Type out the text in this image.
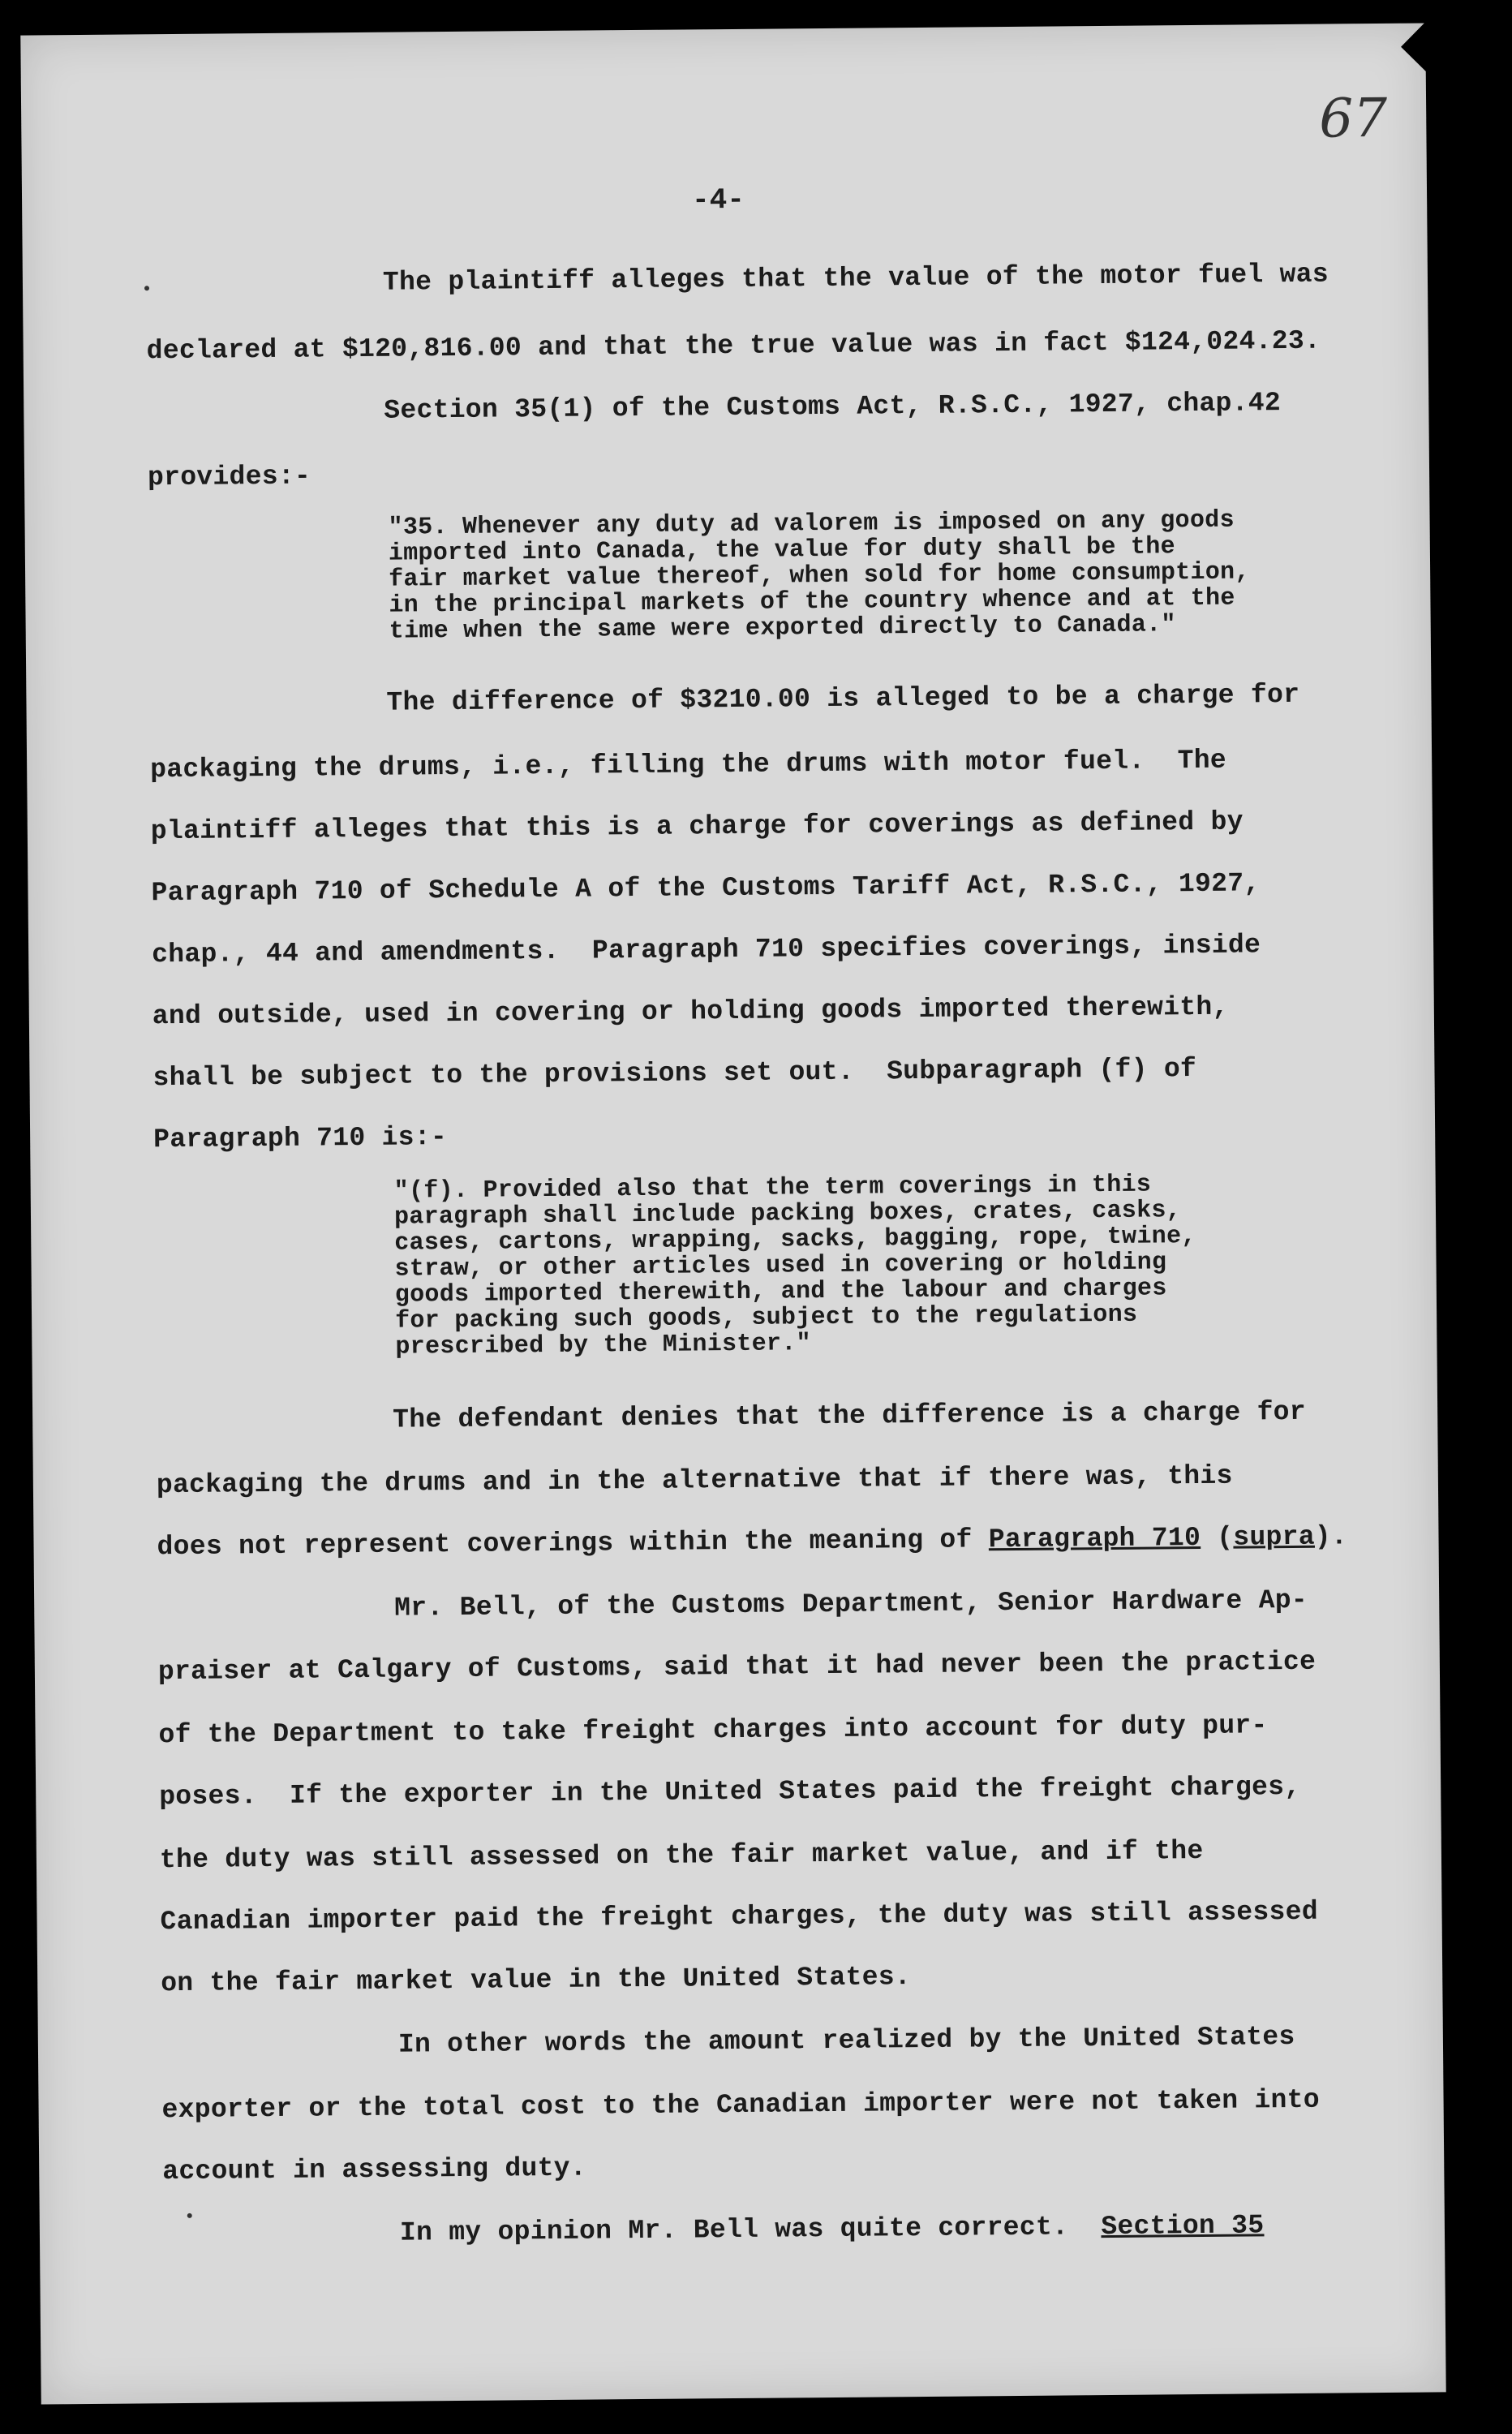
67
-4-

The plaintiff alleges that the value of the motor fuel was

declared at $120,816.00 and that the true value was in fact $124,024.23.

Section 35(1) of the Customs Act, R.S.C., 1927, chap.42

provides:-

"35. Whenever any duty ad valorem is imposed on any goods

imported into Canada, the value for duty shall be the

fair market value thereof, when sold for home consumption,

in the principal markets of the country whence and at the

time when the same were exported directly to Canada."

The difference of $3210.00 is alleged to be a charge for

packaging the drums, i.e., filling the drums with motor fuel.  The

plaintiff alleges that this is a charge for coverings as defined by

Paragraph 710 of Schedule A of the Customs Tariff Act, R.S.C., 1927,

chap., 44 and amendments.  Paragraph 710 specifies coverings, inside

and outside, used in covering or holding goods imported therewith,

shall be subject to the provisions set out.  Subparagraph (f) of

Paragraph 710 is:-

"(f). Provided also that the term coverings in this

paragraph shall include packing boxes, crates, casks,

cases, cartons, wrapping, sacks, bagging, rope, twine,

straw, or other articles used in covering or holding

goods imported therewith, and the labour and charges

for packing such goods, subject to the regulations

prescribed by the Minister."

The defendant denies that the difference is a charge for

packaging the drums and in the alternative that if there was, this

does not represent coverings within the meaning of Paragraph 710 (supra).

Mr. Bell, of the Customs Department, Senior Hardware Ap-

praiser at Calgary of Customs, said that it had never been the practice

of the Department to take freight charges into account for duty pur-

poses.  If the exporter in the United States paid the freight charges,

the duty was still assessed on the fair market value, and if the

Canadian importer paid the freight charges, the duty was still assessed

on the fair market value in the United States.

In other words the amount realized by the United States

exporter or the total cost to the Canadian importer were not taken into

account in assessing duty.

In my opinion Mr. Bell was quite correct.  Section 35
